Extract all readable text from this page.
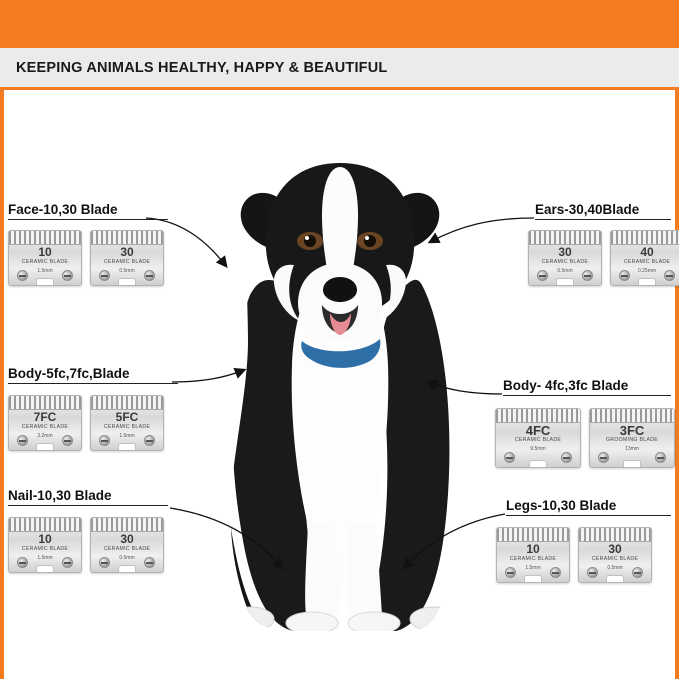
KEEPING ANIMALS HEALTHY, HAPPY & BEAUTIFUL
Face-10,30 Blade
10
CERAMIC BLADE
1.5mm
30
CERAMIC BLADE
0.5mm
Ears-30,40Blade
30
CERAMIC BLADE
0.5mm
40
CERAMIC BLADE
0.25mm
Body-5fc,7fc,Blade
7FC
CERAMIC BLADE
3.2mm
5FC
CERAMIC BLADE
1.5mm
Body- 4fc,3fc Blade
4FC
CERAMIC BLADE
9.5mm
3FC
GROOMING BLADE
13mm
Nail-10,30 Blade
10
CERAMIC BLADE
1.5mm
30
CERAMIC BLADE
0.5mm
Legs-10,30 Blade
10
CERAMIC BLADE
1.5mm
30
CERAMIC BLADE
0.5mm
